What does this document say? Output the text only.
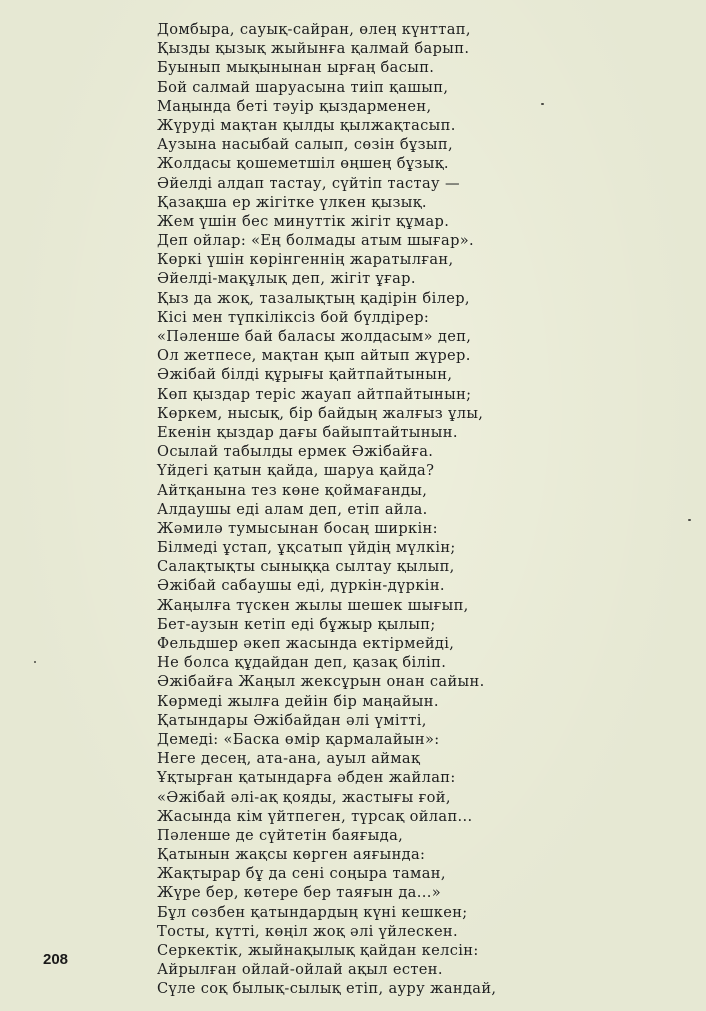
Домбыра, сауық-сайран, өлең күнттап,
Қызды қызық жыйынға қалмай барып.
Буынып мықынынан ырғаң басып.
Бой салмай шаруасына тиіп қашып,
Маңында беті тәуір қыздарменен,
Жүруді мақтан қылды қылжақтасып.
Аузына насыбай салып, сөзін бұзып,
Жолдасы қошеметшіл өңшең бұзық.
Әйелді алдап тастау, сүйтіп тастау —
Қазақша ер жігітке үлкен қызық.
Жем үшін бес минуттік жігіт құмар.
Деп ойлар: «Ең болмады атым шығар».
Көркі үшін көрінгеннің жаратылған,
Әйелді-мақұлық деп, жігіт ұғар.
Қыз да жоқ, тазалықтың қадірін білер,
Кісі мен түпкіліксіз бой бүлдірер:
«Пәленше бай баласы жолдасым» деп,
Ол жетпесе, мақтан қып айтып жүрер.
Әжібай білді құрығы қайтпайтынын,
Көп қыздар теріс жауап айтпайтынын;
Көркем, нысық, бір байдың жалғыз ұлы,
Екенін қыздар дағы байыптайтынын.
Осылай табылды ермек Әжібайға.
Үйдегі қатын қайда, шаруа қайда?
Айтқанына тез көне қоймағанды,
Алдаушы еді алам деп, етіп айла.
Жәмилә тумысынан босаң ширкін:
Білмеді ұстап, ұқсатып үйдің мүлкін;
Салақтықты сыныққа сылтау қылып,
Әжібай сабаушы еді, дүркін-дүркін.
Жаңылға түскен жылы шешек шығып,
Бет-аузын кетіп еді бұжыр қылып;
Фельдшер әкеп жасында ектірмейді,
Не болса құдайдан деп, қазақ біліп.
Әжібайға Жаңыл жексұрын онан сайын.
Көрмеді жылға дейін бір маңайын.
Қатындары Әжібайдан әлі үмітті,
Демеді: «Баска өмір қармалайын»:
Неге десең, ата-ана, ауыл аймақ
Ұқтырған қатындарға әбден жайлап:
«Әжібай әлі-ақ қояды, жастығы ғой,
Жасында кім үйтпеген, түрсақ ойлап...
Пәленше де сүйтетін баяғыда,
Қатынын жақсы көрген аяғында:
Жақтырар бұ да сені соңыра таман,
Жүре бер, көтере бер таяғын да...»
Бұл сөзбен қатындардың күні кешкен;
Тосты, күтті, көңіл жоқ әлі үйлескен.
Серкектік, жыйнақылық қайдан келсін:
Айрылған ойлай-ойлай ақыл естен.
Сүле соқ былық-сылық етіп, ауру жандай,
208
